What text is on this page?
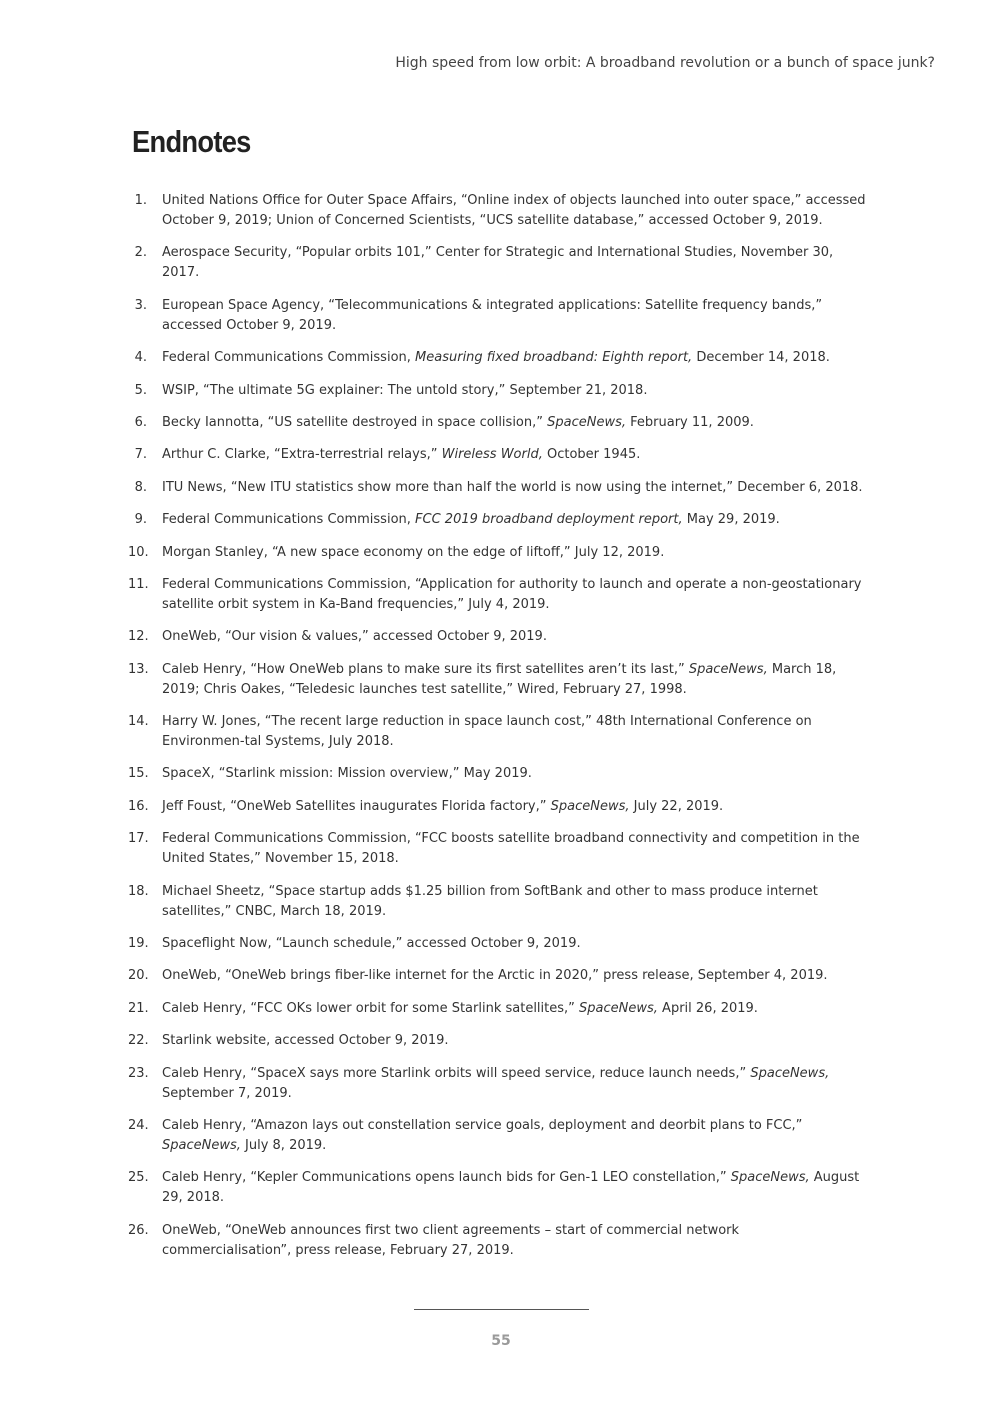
High speed from low orbit: A broadband revolution or a bunch of space junk?
Endnotes
1. United Nations Office for Outer Space Affairs, “Online index of objects launched into outer space,” accessed October 9, 2019; Union of Concerned Scientists, “UCS satellite database,” accessed October 9, 2019.
2. Aerospace Security, “Popular orbits 101,” Center for Strategic and International Studies, November 30, 2017.
3. European Space Agency, “Telecommunications & integrated applications: Satellite frequency bands,” accessed October 9, 2019.
4. Federal Communications Commission, Measuring fixed broadband: Eighth report, December 14, 2018.
5. WSIP, “The ultimate 5G explainer: The untold story,” September 21, 2018.
6. Becky Iannotta, “US satellite destroyed in space collision,” SpaceNews, February 11, 2009.
7. Arthur C. Clarke, “Extra-terrestrial relays,” Wireless World, October 1945.
8. ITU News, “New ITU statistics show more than half the world is now using the internet,” December 6, 2018.
9. Federal Communications Commission, FCC 2019 broadband deployment report, May 29, 2019.
10. Morgan Stanley, “A new space economy on the edge of liftoff,” July 12, 2019.
11. Federal Communications Commission, “Application for authority to launch and operate a non-geostationary satellite orbit system in Ka-Band frequencies,” July 4, 2019.
12. OneWeb, “Our vision & values,” accessed October 9, 2019.
13. Caleb Henry, “How OneWeb plans to make sure its first satellites aren’t its last,” SpaceNews, March 18, 2019; Chris Oakes, “Teledesic launches test satellite,” Wired, February 27, 1998.
14. Harry W. Jones, “The recent large reduction in space launch cost,” 48th International Conference on Environmen-tal Systems, July 2018.
15. SpaceX, “Starlink mission: Mission overview,” May 2019.
16. Jeff Foust, “OneWeb Satellites inaugurates Florida factory,” SpaceNews, July 22, 2019.
17. Federal Communications Commission, “FCC boosts satellite broadband connectivity and competition in the United States,” November 15, 2018.
18. Michael Sheetz, “Space startup adds $1.25 billion from SoftBank and other to mass produce internet satellites,” CNBC, March 18, 2019.
19. Spaceflight Now, “Launch schedule,” accessed October 9, 2019.
20. OneWeb, “OneWeb brings fiber-like internet for the Arctic in 2020,” press release, September 4, 2019.
21. Caleb Henry, “FCC OKs lower orbit for some Starlink satellites,” SpaceNews, April 26, 2019.
22. Starlink website, accessed October 9, 2019.
23. Caleb Henry, “SpaceX says more Starlink orbits will speed service, reduce launch needs,” SpaceNews, September 7, 2019.
24. Caleb Henry, “Amazon lays out constellation service goals, deployment and deorbit plans to FCC,” SpaceNews, July 8, 2019.
25. Caleb Henry, “Kepler Communications opens launch bids for Gen-1 LEO constellation,” SpaceNews, August 29, 2018.
26. OneWeb, “OneWeb announces first two client agreements – start of commercial network commercialisation”, press release, February 27, 2019.
55
